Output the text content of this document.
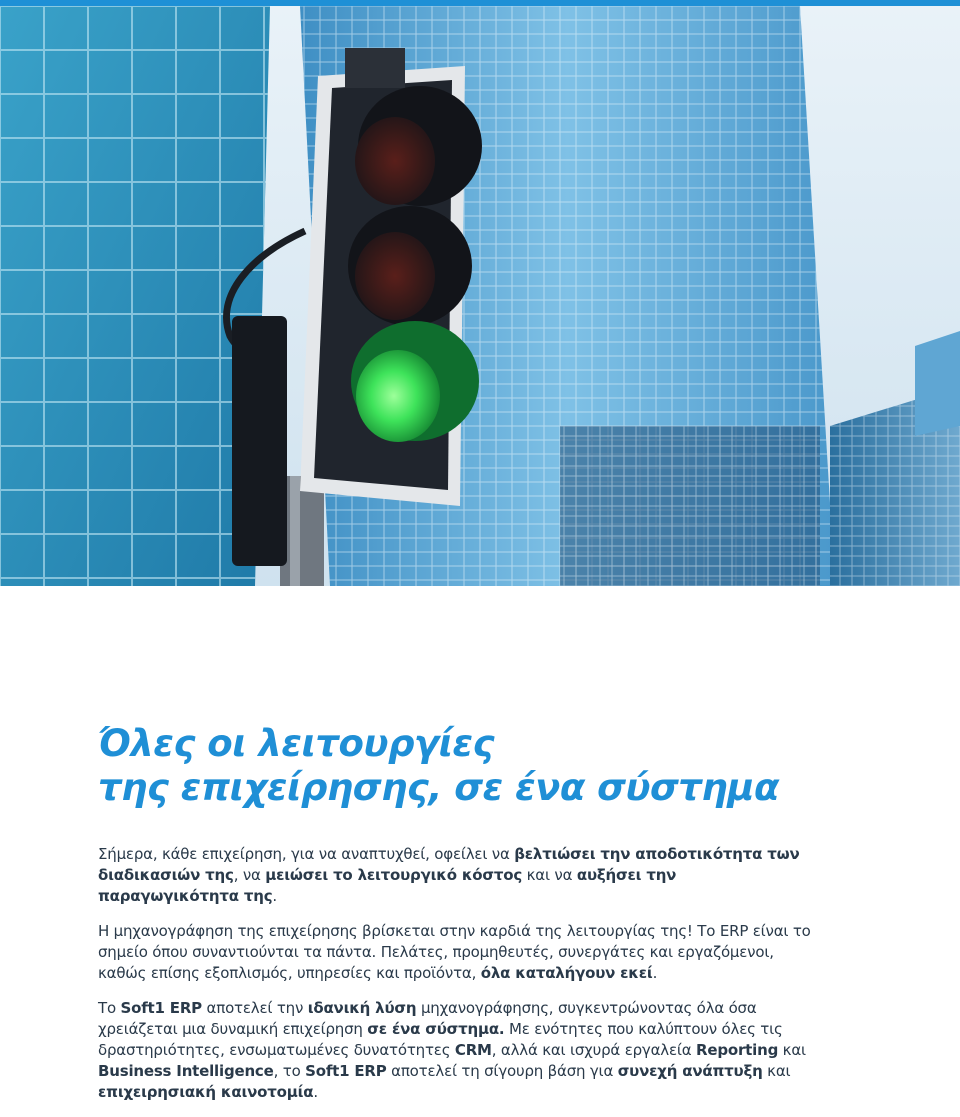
Όλες οι λειτουργίες
της επιχείρησης, σε ένα σύστημα

Σήμερα, κάθε επιχείρηση, για να αναπτυχθεί, οφείλει να βελτιώσει την αποδοτικότητα των διαδικασιών της, να μειώσει το λειτουργικό κόστος και να αυξήσει την παραγωγικότητα της.

Η μηχανογράφηση της επιχείρησης βρίσκεται στην καρδιά της λειτουργίας της! Το ERP είναι το σημείο όπου συναντιούνται τα πάντα. Πελάτες, προμηθευτές, συνεργάτες και εργαζόμενοι, καθώς επίσης εξοπλισμός, υπηρεσίες και προϊόντα, όλα καταλήγουν εκεί.

Το Soft1 ERP αποτελεί την ιδανική λύση μηχανογράφησης, συγκεντρώνοντας όλα όσα χρειάζεται μια δυναμική επιχείρηση σε ένα σύστημα. Με ενότητες που καλύπτουν όλες τις δραστηριότητες, ενσωματωμένες δυνατότητες CRM, αλλά και ισχυρά εργαλεία Reporting και Business Intelligence, το Soft1 ERP αποτελεί τη σίγουρη βάση για συνεχή ανάπτυξη και επιχειρησιακή καινοτομία.
